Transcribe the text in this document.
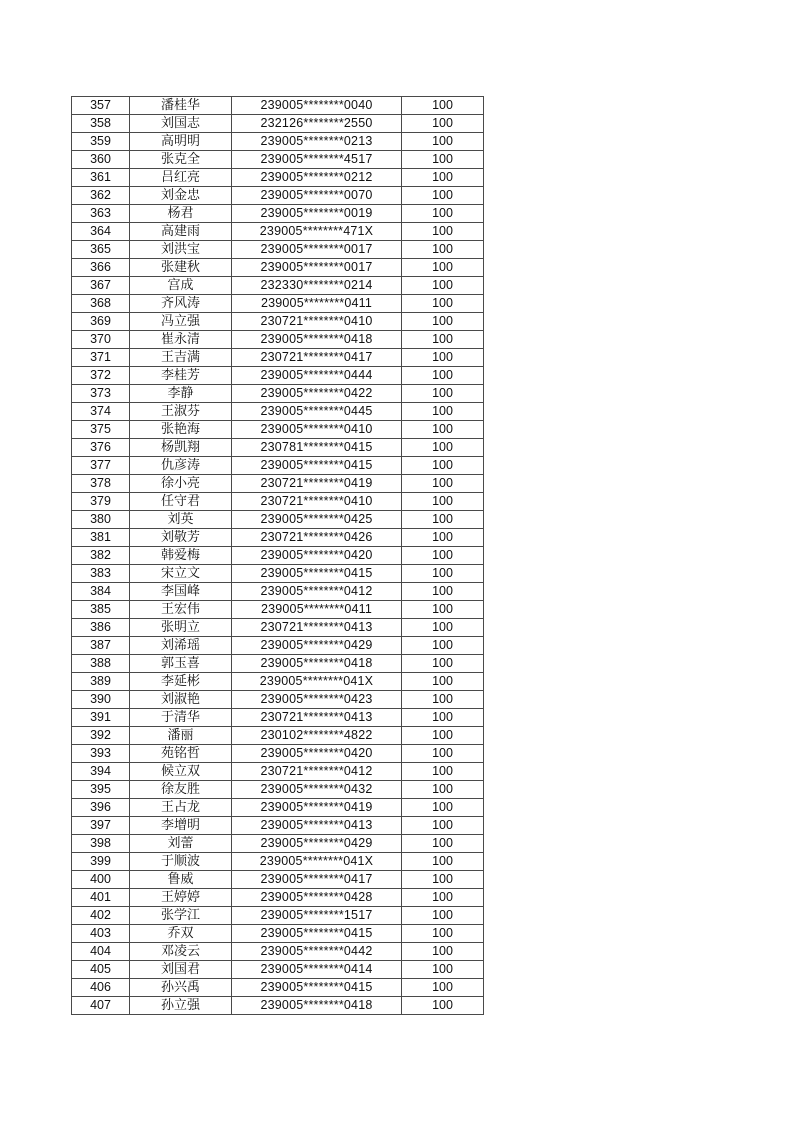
357	潘桂华	239005********0040	100
358	刘国志	232126********2550	100
359	高明明	239005********0213	100
360	张克全	239005********4517	100
361	吕红亮	239005********0212	100
362	刘金忠	239005********0070	100
363	杨君	239005********0019	100
364	高建雨	239005********471X	100
365	刘洪宝	239005********0017	100
366	张建秋	239005********0017	100
367	宫成	232330********0214	100
368	齐风涛	239005********0411	100
369	冯立强	230721********0410	100
370	崔永清	239005********0418	100
371	王吉满	230721********0417	100
372	李桂芳	239005********0444	100
373	李静	239005********0422	100
374	王淑芬	239005********0445	100
375	张艳海	239005********0410	100
376	杨凯翔	230781********0415	100
377	仇彦涛	239005********0415	100
378	徐小亮	230721********0419	100
379	任守君	230721********0410	100
380	刘英	239005********0425	100
381	刘敬芳	230721********0426	100
382	韩爱梅	239005********0420	100
383	宋立文	239005********0415	100
384	李国峰	239005********0412	100
385	王宏伟	239005********0411	100
386	张明立	230721********0413	100
387	刘浠瑶	239005********0429	100
388	郭玉喜	239005********0418	100
389	李延彬	239005********041X	100
390	刘淑艳	239005********0423	100
391	于清华	230721********0413	100
392	潘丽	230102********4822	100
393	苑铭哲	239005********0420	100
394	候立双	230721********0412	100
395	徐友胜	239005********0432	100
396	王占龙	239005********0419	100
397	李增明	239005********0413	100
398	刘蕾	239005********0429	100
399	于顺波	239005********041X	100
400	鲁威	239005********0417	100
401	王婷婷	239005********0428	100
402	张学江	239005********1517	100
403	乔双	239005********0415	100
404	邓凌云	239005********0442	100
405	刘国君	239005********0414	100
406	孙兴禹	239005********0415	100
407	孙立强	239005********0418	100
